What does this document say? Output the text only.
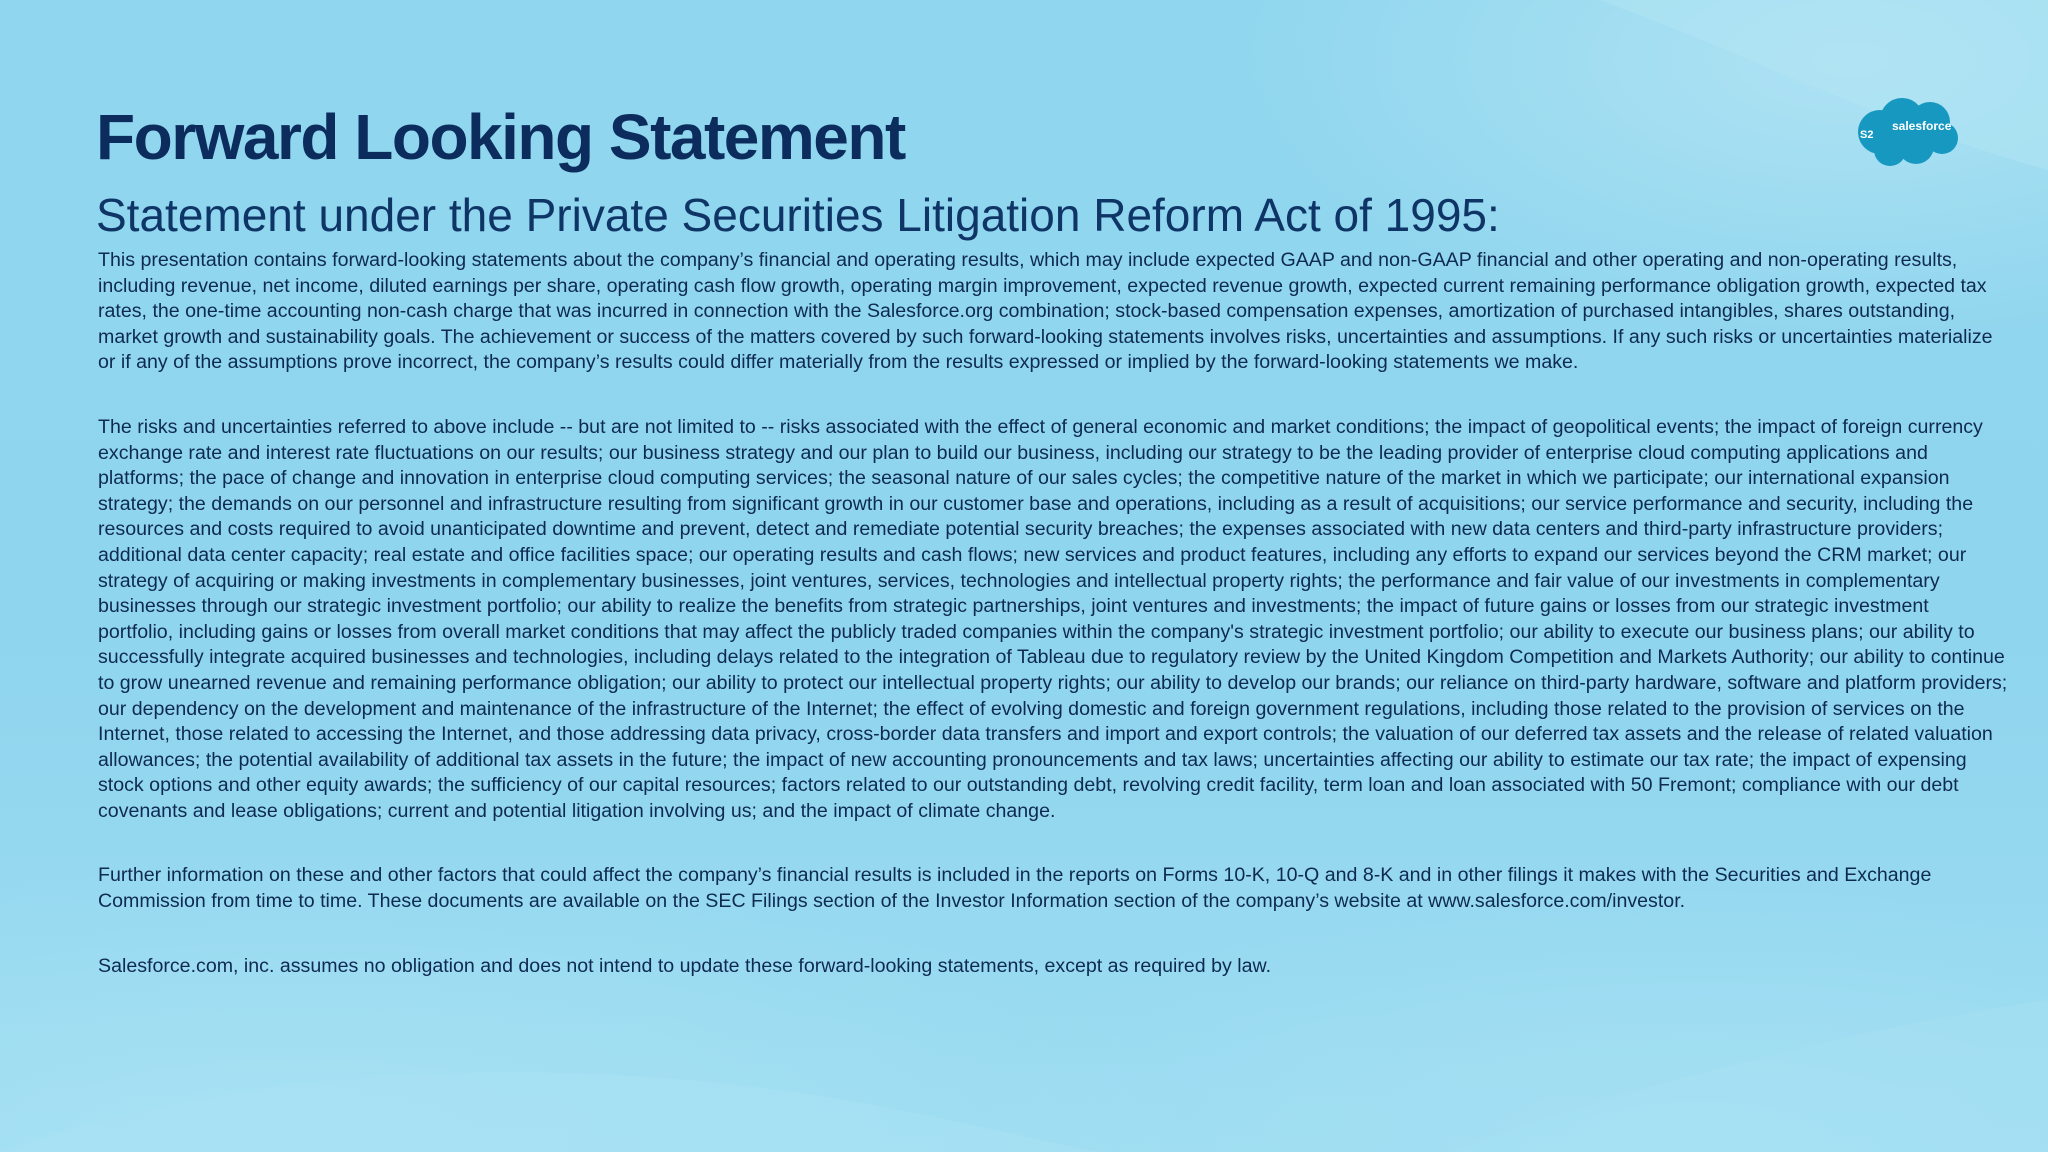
S2
salesforce
Forward Looking Statement
Statement under the Private Securities Litigation Reform Act of 1995:

This presentation contains forward-looking statements about the company’s financial and operating results, which may include expected GAAP and non-GAAP financial and other operating and non-operating results, including revenue, net income, diluted earnings per share, operating cash flow growth, operating margin improvement, expected revenue growth, expected current remaining performance obligation growth, expected tax rates, the one-time accounting non-cash charge that was incurred in connection with the Salesforce.org combination; stock-based compensation expenses, amortization of purchased intangibles, shares outstanding, market growth and sustainability goals. The achievement or success of the matters covered by such forward-looking statements involves risks, uncertainties and assumptions. If any such risks or uncertainties materialize or if any of the assumptions prove incorrect, the company’s results could differ materially from the results expressed or implied by the forward-looking statements we make.

The risks and uncertainties referred to above include -- but are not limited to -- risks associated with the effect of general economic and market conditions; the impact of geopolitical events; the impact of foreign currency exchange rate and interest rate fluctuations on our results; our business strategy and our plan to build our business, including our strategy to be the leading provider of enterprise cloud computing applications and platforms; the pace of change and innovation in enterprise cloud computing services; the seasonal nature of our sales cycles; the competitive nature of the market in which we participate; our international expansion strategy; the demands on our personnel and infrastructure resulting from significant growth in our customer base and operations, including as a result of acquisitions; our service performance and security, including the resources and costs required to avoid unanticipated downtime and prevent, detect and remediate potential security breaches; the expenses associated with new data centers and third-party infrastructure providers; additional data center capacity; real estate and office facilities space; our operating results and cash flows; new services and product features, including any efforts to expand our services beyond the CRM market; our strategy of acquiring or making investments in complementary businesses, joint ventures, services, technologies and intellectual property rights; the performance and fair value of our investments in complementary businesses through our strategic investment portfolio; our ability to realize the benefits from strategic partnerships, joint ventures and investments; the impact of future gains or losses from our strategic investment portfolio, including gains or losses from overall market conditions that may affect the publicly traded companies within the company's strategic investment portfolio; our ability to execute our business plans; our ability to successfully integrate acquired businesses and technologies, including delays related to the integration of Tableau due to regulatory review by the United Kingdom Competition and Markets Authority; our ability to continue to grow unearned revenue and remaining performance obligation; our ability to protect our intellectual property rights; our ability to develop our brands; our reliance on third-party hardware, software and platform providers; our dependency on the development and maintenance of the infrastructure of the Internet; the effect of evolving domestic and foreign government regulations, including those related to the provision of services on the Internet, those related to accessing the Internet, and those addressing data privacy, cross-border data transfers and import and export controls; the valuation of our deferred tax assets and the release of related valuation allowances; the potential availability of additional tax assets in the future; the impact of new accounting pronouncements and tax laws; uncertainties affecting our ability to estimate our tax rate; the impact of expensing stock options and other equity awards; the sufficiency of our capital resources; factors related to our outstanding debt, revolving credit facility, term loan and loan associated with 50 Fremont; compliance with our debt covenants and lease obligations; current and potential litigation involving us; and the impact of climate change.

Further information on these and other factors that could affect the company’s financial results is included in the reports on Forms 10-K, 10-Q and 8-K and in other filings it makes with the Securities and Exchange Commission from time to time. These documents are available on the SEC Filings section of the Investor Information section of the company’s website at www.salesforce.com/investor.

Salesforce.com, inc. assumes no obligation and does not intend to update these forward-looking statements, except as required by law.
